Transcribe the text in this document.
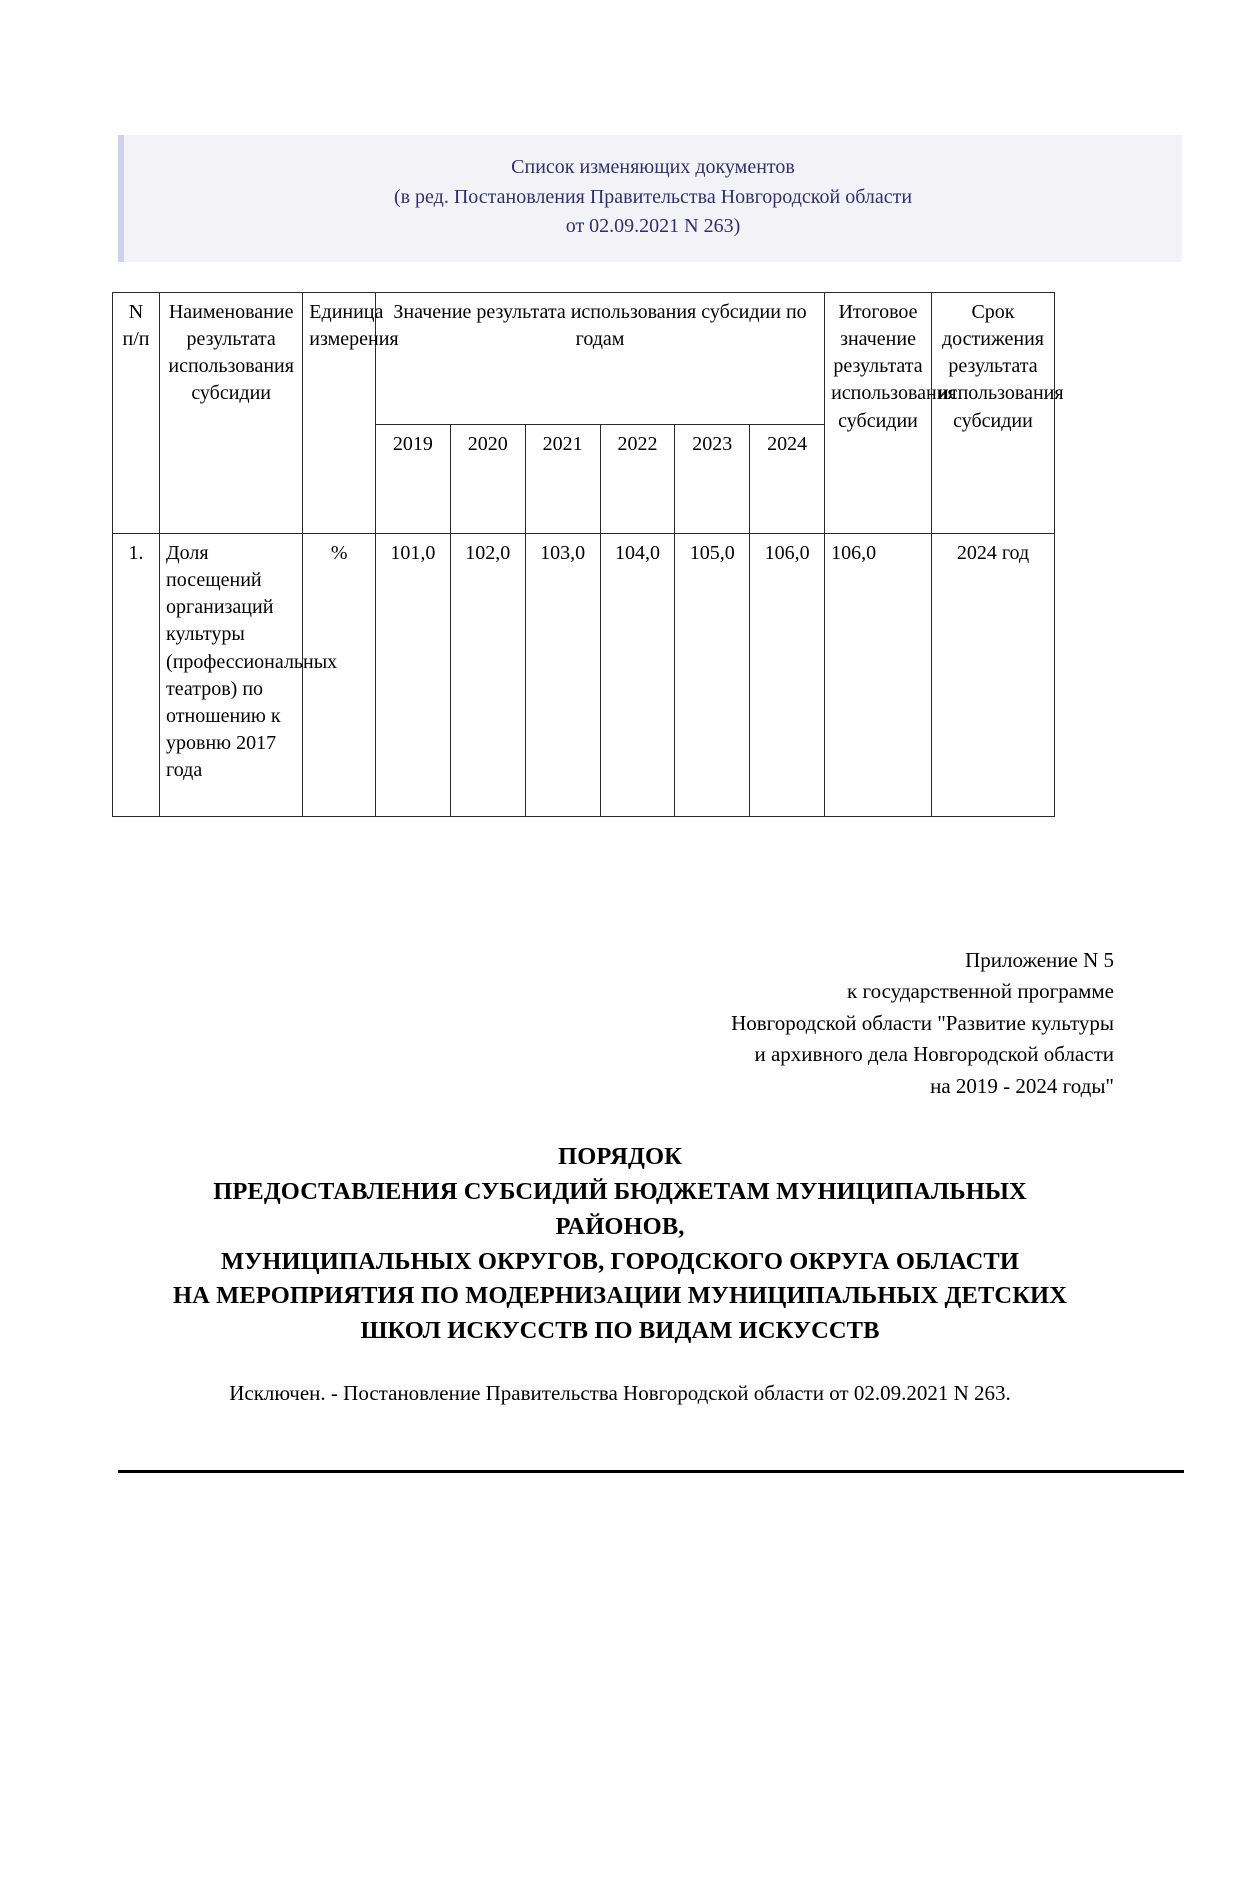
Список изменяющих документов
(в ред. Постановления Правительства Новгородской области
от 02.09.2021 N 263)
N
п/п	Наименование результата использования субсидии	Единица измерения	Значение результата использования субсидии по годам						Итоговое значение результата использования субсидии	Срок достижения результата использования субсидии
			2019	2020	2021	2022	2023	2024		
1.	Доля посещений организаций культуры (профессиональных театров) по отношению к уровню 2017 года	%	101,0	102,0	103,0	104,0	105,0	106,0	106,0	2024 год
Приложение N 5
к государственной программе
Новгородской области "Развитие культуры
и архивного дела Новгородской области
на 2019 - 2024 годы"
ПОРЯДОК
ПРЕДОСТАВЛЕНИЯ СУБСИДИЙ БЮДЖЕТАМ МУНИЦИПАЛЬНЫХ
РАЙОНОВ,
МУНИЦИПАЛЬНЫХ ОКРУГОВ, ГОРОДСКОГО ОКРУГА ОБЛАСТИ
НА МЕРОПРИЯТИЯ ПО МОДЕРНИЗАЦИИ МУНИЦИПАЛЬНЫХ ДЕТСКИХ
ШКОЛ ИСКУССТВ ПО ВИДАМ ИСКУССТВ
Исключен. - Постановление Правительства Новгородской области от 02.09.2021 N 263.
